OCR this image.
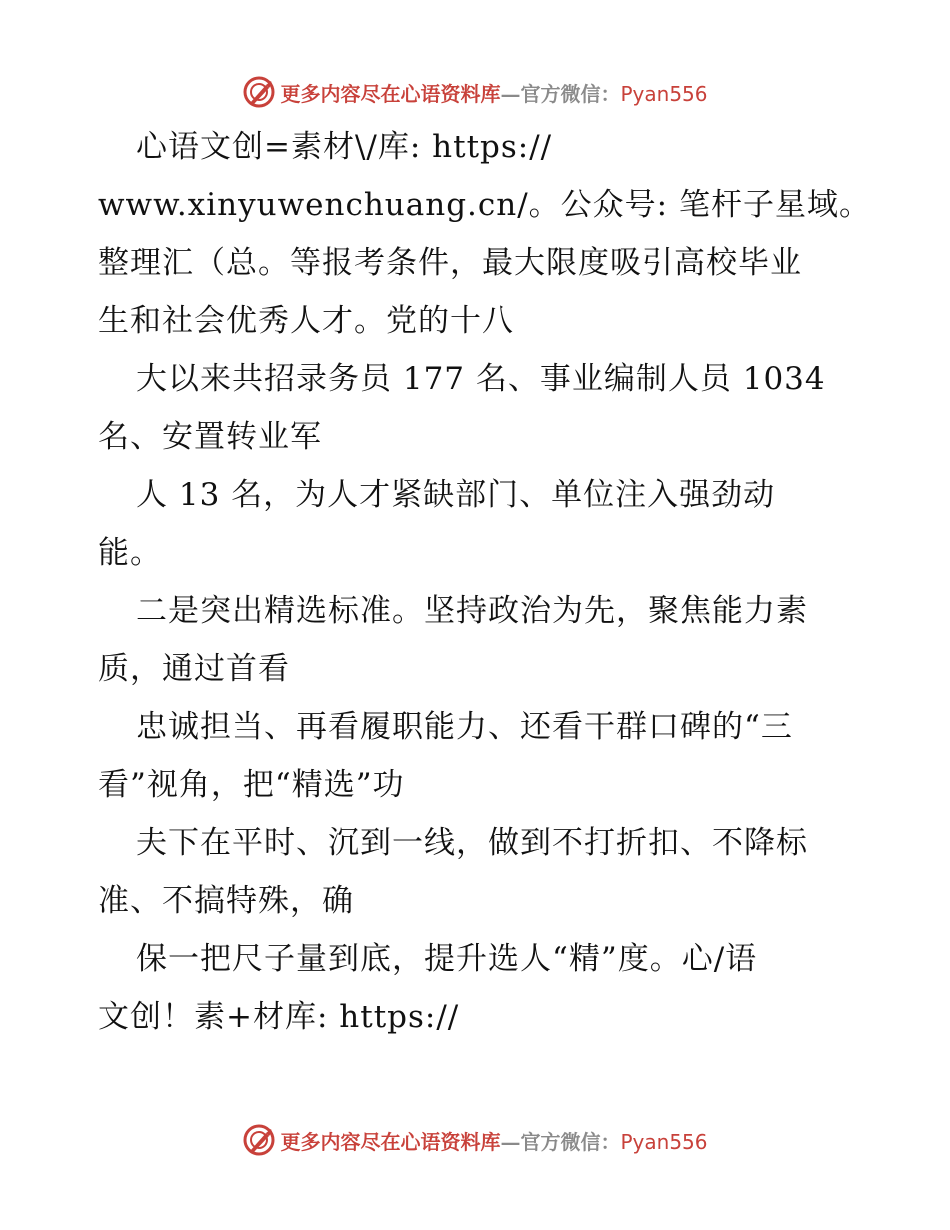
更多内容尽在心语资料库—官方微信：Pyan556
心语文创=素材\/库: https://
www.xinyuwenchuang.cn/。公众号: 笔杆子星域。
整理汇（总。等报考条件，最大限度吸引高校毕业
生和社会优秀人才。党的十八
大以来共招录务员 177 名、事业编制人员 1034
名、安置转业军
人 13 名，为人才紧缺部门、单位注入强劲动
能。
二是突出精选标准。坚持政治为先，聚焦能力素
质，通过首看
忠诚担当、再看履职能力、还看干群口碑的“三
看”视角，把“精选”功
夫下在平时、沉到一线，做到不打折扣、不降标
准、不搞特殊，确
保一把尺子量到底，提升选人“精”度。心/语
文创！素+材库: https://
更多内容尽在心语资料库—官方微信：Pyan556
